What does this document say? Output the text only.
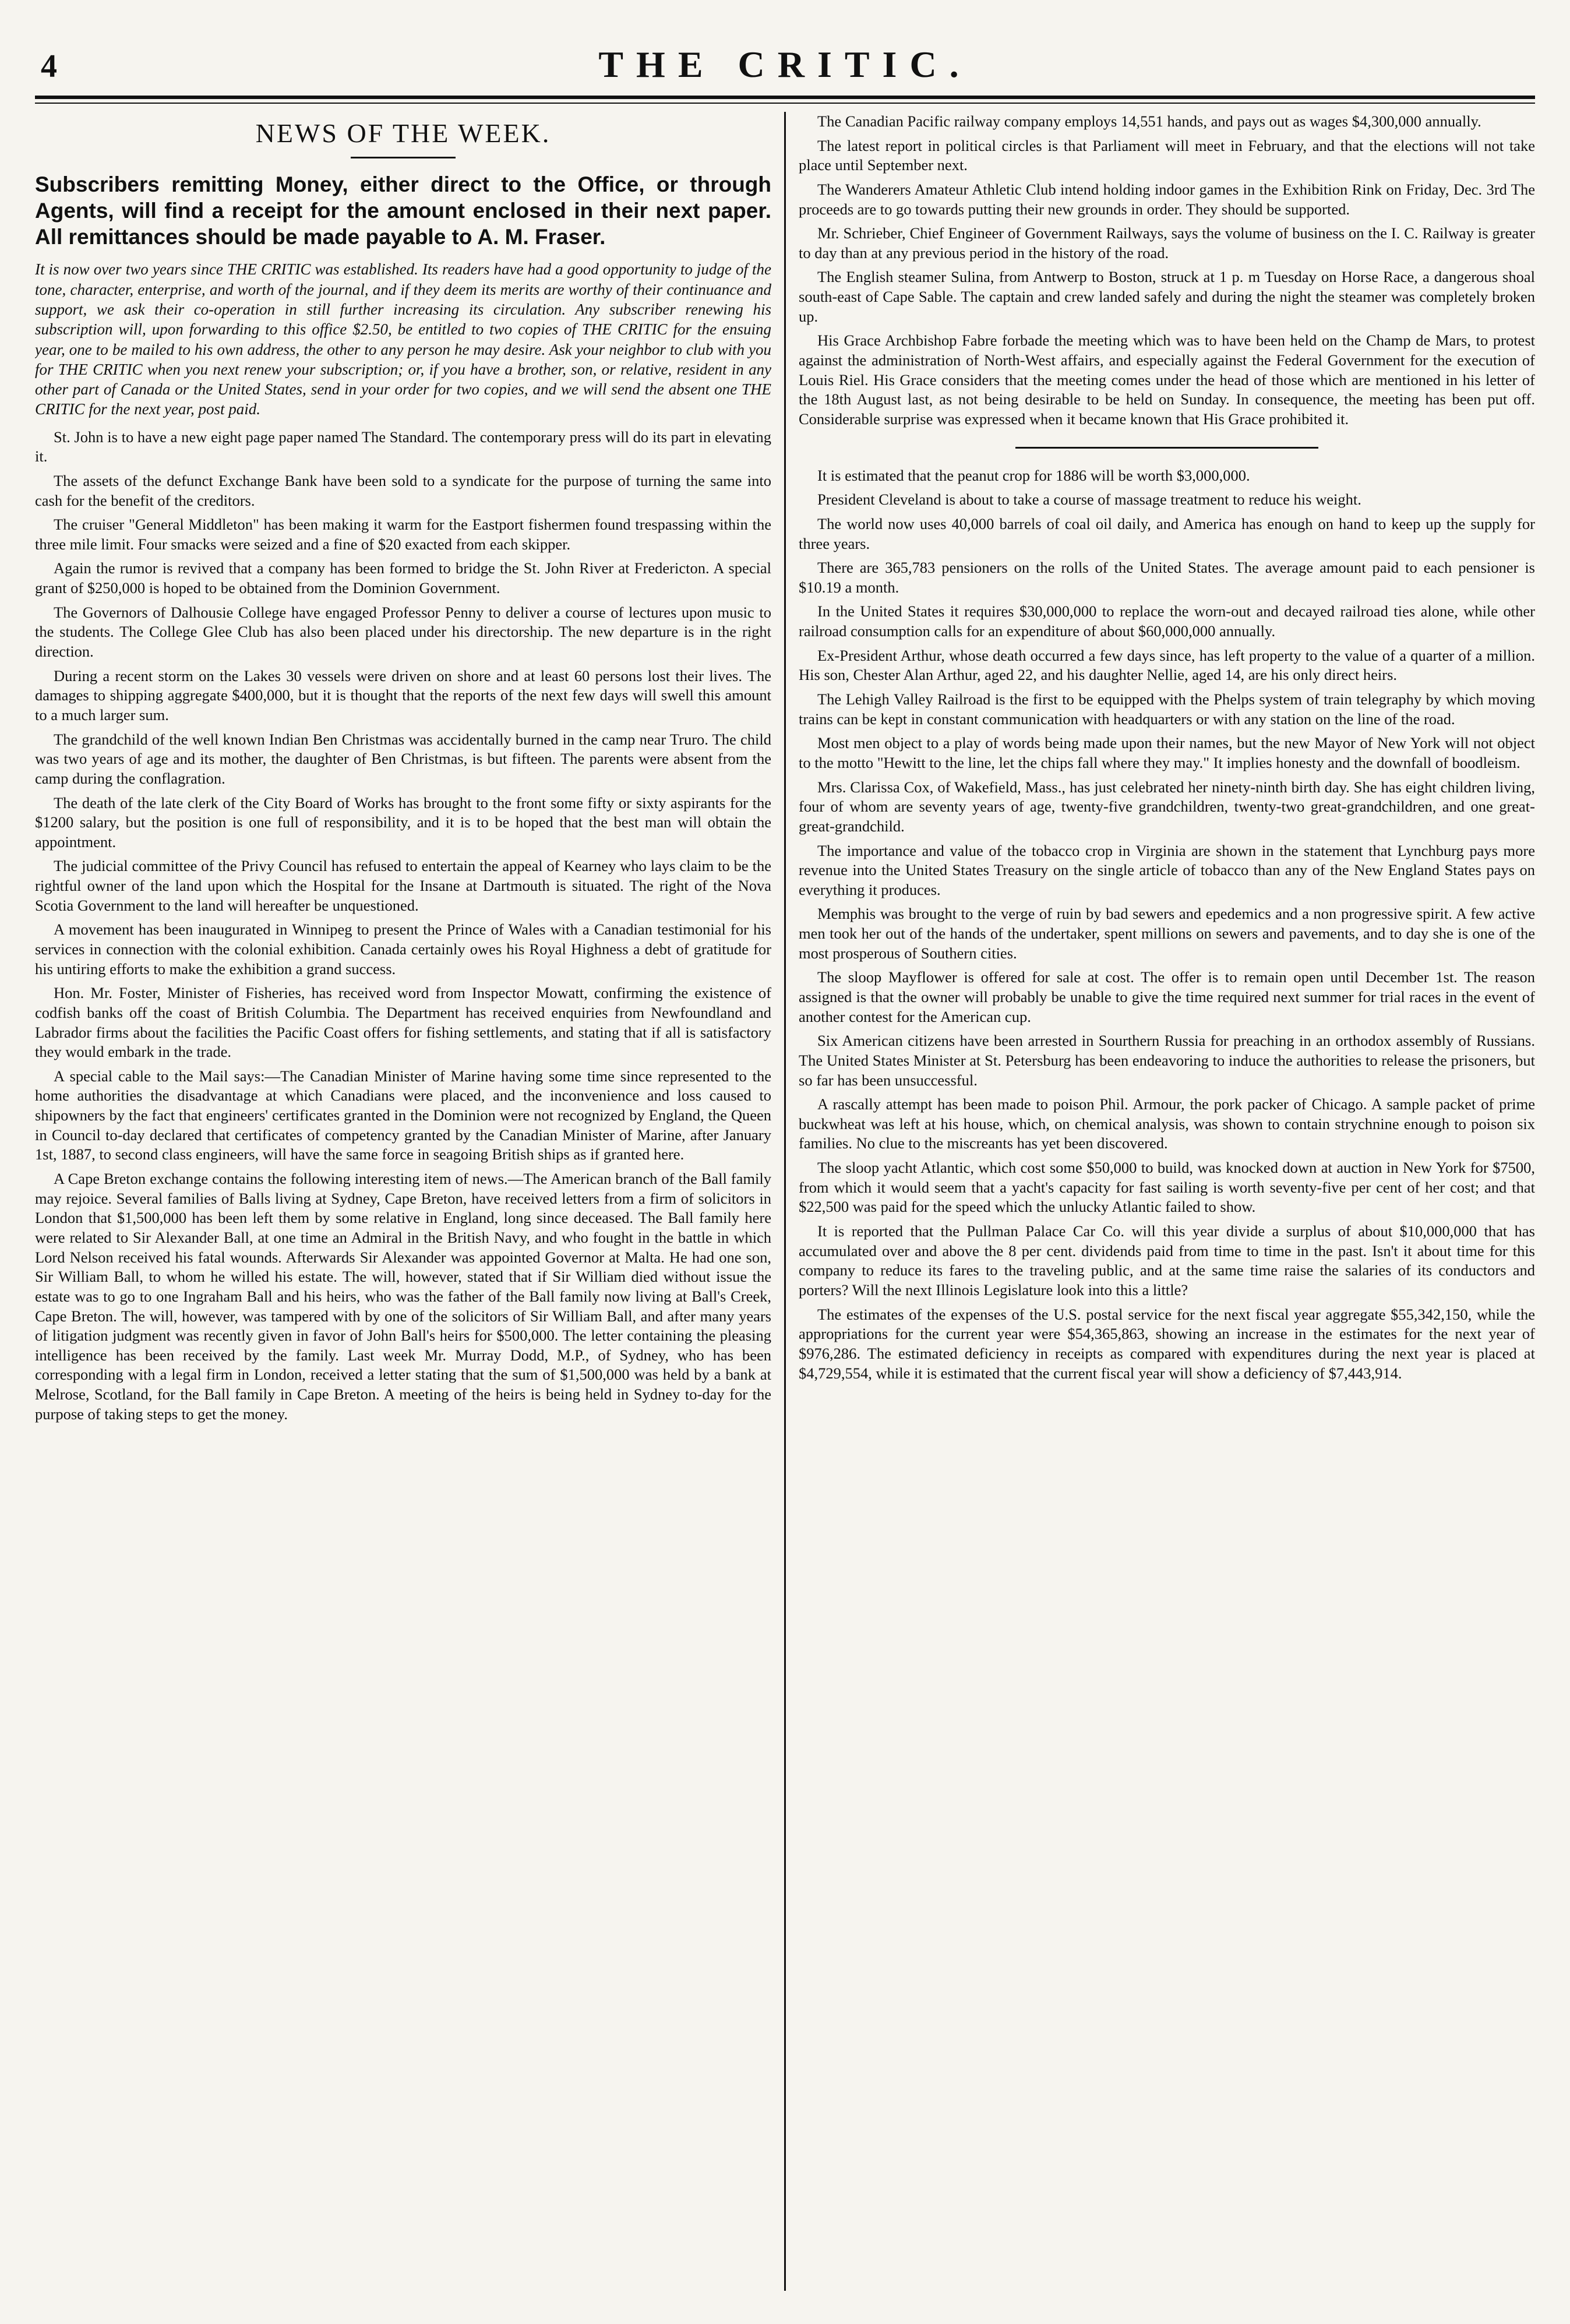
4	THE CRITIC.
NEWS OF THE WEEK.

Subscribers remitting Money, either direct to the Office, or through Agents, will find a receipt for the amount enclosed in their next paper. All remittances should be made payable to A. M. Fraser.

It is now over two years since THE CRITIC was established. Its readers have had a good opportunity to judge of the tone, character, enterprise, and worth of the journal, and if they deem its merits are worthy of their continuance and support, we ask their co-operation in still further increasing its circulation. Any subscriber renewing his subscription will, upon forwarding to this office $2.50, be entitled to two copies of THE CRITIC for the ensuing year, one to be mailed to his own address, the other to any person he may desire. Ask your neighbor to club with you for THE CRITIC when you next renew your subscription; or, if you have a brother, son, or relative, resident in any other part of Canada or the United States, send in your order for two copies, and we will send the absent one THE CRITIC for the next year, post paid.

St. John is to have a new eight page paper named The Standard. The contemporary press will do its part in elevating it.

The assets of the defunct Exchange Bank have been sold to a syndicate for the purpose of turning the same into cash for the benefit of the creditors.

The cruiser "General Middleton" has been making it warm for the Eastport fishermen found trespassing within the three mile limit. Four smacks were seized and a fine of $20 exacted from each skipper.

Again the rumor is revived that a company has been formed to bridge the St. John River at Fredericton. A special grant of $250,000 is hoped to be obtained from the Dominion Government.

The Governors of Dalhousie College have engaged Professor Penny to deliver a course of lectures upon music to the students. The College Glee Club has also been placed under his directorship. The new departure is in the right direction.

During a recent storm on the Lakes 30 vessels were driven on shore and at least 60 persons lost their lives. The damages to shipping aggregate $400,000, but it is thought that the reports of the next few days will swell this amount to a much larger sum.

The grandchild of the well known Indian Ben Christmas was accidentally burned in the camp near Truro. The child was two years of age and its mother, the daughter of Ben Christmas, is but fifteen. The parents were absent from the camp during the conflagration.

The death of the late clerk of the City Board of Works has brought to the front some fifty or sixty aspirants for the $1200 salary, but the position is one full of responsibility, and it is to be hoped that the best man will obtain the appointment.

The judicial committee of the Privy Council has refused to entertain the appeal of Kearney who lays claim to be the rightful owner of the land upon which the Hospital for the Insane at Dartmouth is situated. The right of the Nova Scotia Government to the land will hereafter be unquestioned.

A movement has been inaugurated in Winnipeg to present the Prince of Wales with a Canadian testimonial for his services in connection with the colonial exhibition. Canada certainly owes his Royal Highness a debt of gratitude for his untiring efforts to make the exhibition a grand success.

Hon. Mr. Foster, Minister of Fisheries, has received word from Inspector Mowatt, confirming the existence of codfish banks off the coast of British Columbia. The Department has received enquiries from Newfoundland and Labrador firms about the facilities the Pacific Coast offers for fishing settlements, and stating that if all is satisfactory they would embark in the trade.

A special cable to the Mail says:—The Canadian Minister of Marine having some time since represented to the home authorities the disadvantage at which Canadians were placed, and the inconvenience and loss caused to shipowners by the fact that engineers' certificates granted in the Dominion were not recognized by England, the Queen in Council to-day declared that certificates of competency granted by the Canadian Minister of Marine, after January 1st, 1887, to second class engineers, will have the same force in seagoing British ships as if granted here.

A Cape Breton exchange contains the following interesting item of news.—The American branch of the Ball family may rejoice. Several families of Balls living at Sydney, Cape Breton, have received letters from a firm of solicitors in London that $1,500,000 has been left them by some relative in England, long since deceased. The Ball family here were related to Sir Alexander Ball, at one time an Admiral in the British Navy, and who fought in the battle in which Lord Nelson received his fatal wounds. Afterwards Sir Alexander was appointed Governor at Malta. He had one son, Sir William Ball, to whom he willed his estate. The will, however, stated that if Sir William died without issue the estate was to go to one Ingraham Ball and his heirs, who was the father of the Ball family now living at Ball's Creek, Cape Breton. The will, however, was tampered with by one of the solicitors of Sir William Ball, and after many years of litigation judgment was recently given in favor of John Ball's heirs for $500,000. The letter containing the pleasing intelligence has been received by the family. Last week Mr. Murray Dodd, M.P., of Sydney, who has been corresponding with a legal firm in London, received a letter stating that the sum of $1,500,000 was held by a bank at Melrose, Scotland, for the Ball family in Cape Breton. A meeting of the heirs is being held in Sydney to-day for the purpose of taking steps to get the money.

The Canadian Pacific railway company employs 14,551 hands, and pays out as wages $4,300,000 annually.

The latest report in political circles is that Parliament will meet in February, and that the elections will not take place until September next.

The Wanderers Amateur Athletic Club intend holding indoor games in the Exhibition Rink on Friday, Dec. 3rd The proceeds are to go towards putting their new grounds in order. They should be supported.

Mr. Schrieber, Chief Engineer of Government Railways, says the volume of business on the I. C. Railway is greater to day than at any previous period in the history of the road.

The English steamer Sulina, from Antwerp to Boston, struck at 1 p. m Tuesday on Horse Race, a dangerous shoal south-east of Cape Sable. The captain and crew landed safely and during the night the steamer was completely broken up.

His Grace Archbishop Fabre forbade the meeting which was to have been held on the Champ de Mars, to protest against the administration of North-West affairs, and especially against the Federal Government for the execution of Louis Riel. His Grace considers that the meeting comes under the head of those which are mentioned in his letter of the 18th August last, as not being desirable to be held on Sunday. In consequence, the meeting has been put off. Considerable surprise was expressed when it became known that His Grace prohibited it.

It is estimated that the peanut crop for 1886 will be worth $3,000,000.

President Cleveland is about to take a course of massage treatment to reduce his weight.

The world now uses 40,000 barrels of coal oil daily, and America has enough on hand to keep up the supply for three years.

There are 365,783 pensioners on the rolls of the United States. The average amount paid to each pensioner is $10.19 a month.

In the United States it requires $30,000,000 to replace the worn-out and decayed railroad ties alone, while other railroad consumption calls for an expenditure of about $60,000,000 annually.

Ex-President Arthur, whose death occurred a few days since, has left property to the value of a quarter of a million. His son, Chester Alan Arthur, aged 22, and his daughter Nellie, aged 14, are his only direct heirs.

The Lehigh Valley Railroad is the first to be equipped with the Phelps system of train telegraphy by which moving trains can be kept in constant communication with headquarters or with any station on the line of the road.

Most men object to a play of words being made upon their names, but the new Mayor of New York will not object to the motto "Hewitt to the line, let the chips fall where they may." It implies honesty and the downfall of boodleism.

Mrs. Clarissa Cox, of Wakefield, Mass., has just celebrated her ninety-ninth birth day. She has eight children living, four of whom are seventy years of age, twenty-five grandchildren, twenty-two great-grandchildren, and one great-great-grandchild.

The importance and value of the tobacco crop in Virginia are shown in the statement that Lynchburg pays more revenue into the United States Treasury on the single article of tobacco than any of the New England States pays on everything it produces.

Memphis was brought to the verge of ruin by bad sewers and epedemics and a non progressive spirit. A few active men took her out of the hands of the undertaker, spent millions on sewers and pavements, and to day she is one of the most prosperous of Southern cities.

The sloop Mayflower is offered for sale at cost. The offer is to remain open until December 1st. The reason assigned is that the owner will probably be unable to give the time required next summer for trial races in the event of another contest for the American cup.

Six American citizens have been arrested in Sourthern Russia for preaching in an orthodox assembly of Russians. The United States Minister at St. Petersburg has been endeavoring to induce the authorities to release the prisoners, but so far has been unsuccessful.

A rascally attempt has been made to poison Phil. Armour, the pork packer of Chicago. A sample packet of prime buckwheat was left at his house, which, on chemical analysis, was shown to contain strychnine enough to poison six families. No clue to the miscreants has yet been discovered.

The sloop yacht Atlantic, which cost some $50,000 to build, was knocked down at auction in New York for $7500, from which it would seem that a yacht's capacity for fast sailing is worth seventy-five per cent of her cost; and that $22,500 was paid for the speed which the unlucky Atlantic failed to show.

It is reported that the Pullman Palace Car Co. will this year divide a surplus of about $10,000,000 that has accumulated over and above the 8 per cent. dividends paid from time to time in the past. Isn't it about time for this company to reduce its fares to the traveling public, and at the same time raise the salaries of its conductors and porters? Will the next Illinois Legislature look into this a little?

The estimates of the expenses of the U.S. postal service for the next fiscal year aggregate $55,342,150, while the appropriations for the current year were $54,365,863, showing an increase in the estimates for the next year of $976,286. The estimated deficiency in receipts as compared with expenditures during the next year is placed at $4,729,554, while it is estimated that the current fiscal year will show a deficiency of $7,443,914.
